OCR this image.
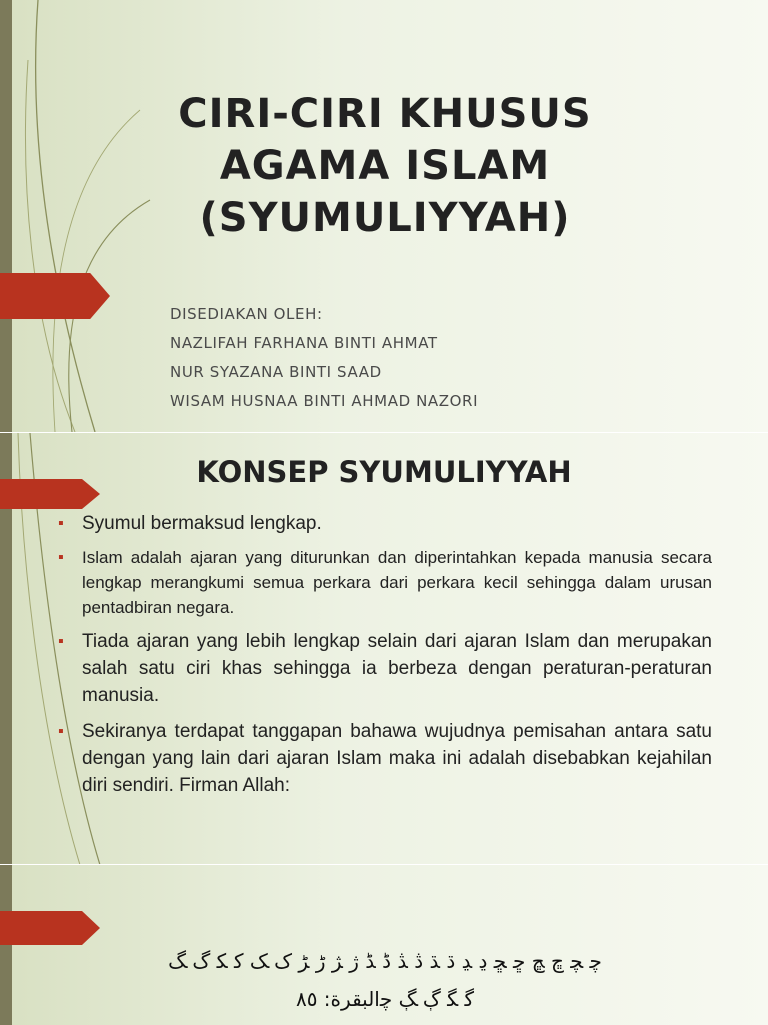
CIRI-CIRI KHUSUS
AGAMA ISLAM
(SYUMULIYYAH)
DISEDIAKAN OLEH:
NAZLIFAH FARHANA BINTI AHMAT
NUR SYAZANA BINTI SAAD
WISAM HUSNAA BINTI AHMAD NAZORI
KONSEP SYUMULIYYAH
▪ Syumul bermaksud lengkap.
▪ Islam adalah ajaran yang diturunkan dan diperintahkan kepada manusia secara lengkap merangkumi semua perkara dari perkara kecil sehingga dalam urusan pentadbiran negara.
▪ Tiada ajaran yang lebih lengkap selain dari ajaran Islam dan merupakan salah satu ciri khas sehingga ia berbeza dengan peraturan-peraturan manusia.
▪ Sekiranya terdapat tanggapan bahawa wujudnya pemisahan antara satu dengan yang lain dari ajaran Islam maka ini adalah disebabkan kejahilan diri sendiri. Firman Allah:
ﭼ ﭽ ﭾ ﭿ ﮀ ﮁ ﮂ ﮃ ﮄ ﮅ ﮆ ﮇ ﮈ ﮉ ﮊ ﮋ ﮌ ﮍ ﮎ ﮏ ﮐ ﮑ ﮒ ﮓ
ﮔ ﮕ ﮖ ﮗ ﭼالبقرة: ٨٥
